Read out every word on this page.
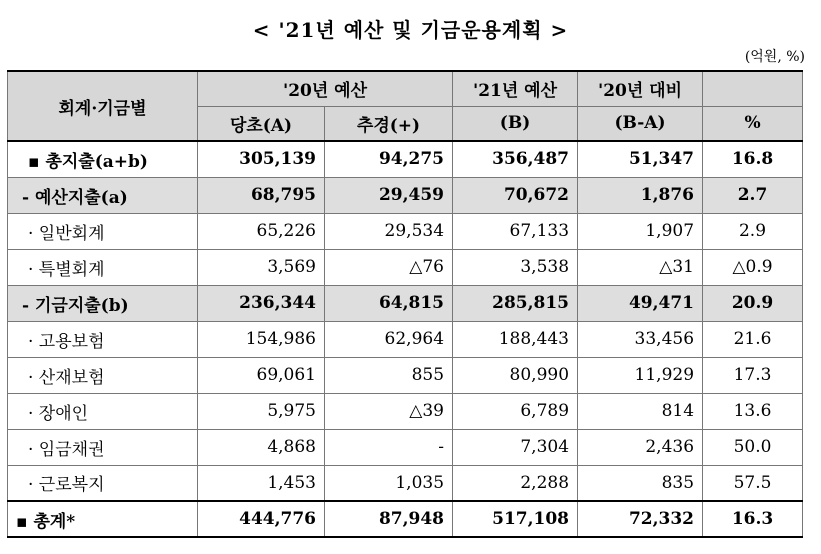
< '21년 예산 및 기금운용계획 >
(억원, %)
회계·기금별	'20년 예산		'21년 예산	'20년 대비	
	당초(A)	추경(+)	(B)	(B-A)	%
▪ 총지출(a+b)	305,139	94,275	356,487	51,347	16.8
- 예산지출(a)	68,795	29,459	70,672	1,876	2.7
· 일반회계	65,226	29,534	67,133	1,907	2.9
· 특별회계	3,569	△76	3,538	△31	△0.9
- 기금지출(b)	236,344	64,815	285,815	49,471	20.9
· 고용보험	154,986	62,964	188,443	33,456	21.6
· 산재보험	69,061	855	80,990	11,929	17.3
· 장애인	5,975	△39	6,789	814	13.6
· 임금채권	4,868	-	7,304	2,436	50.0
· 근로복지	1,453	1,035	2,288	835	57.5
▪ 총계*	444,776	87,948	517,108	72,332	16.3
